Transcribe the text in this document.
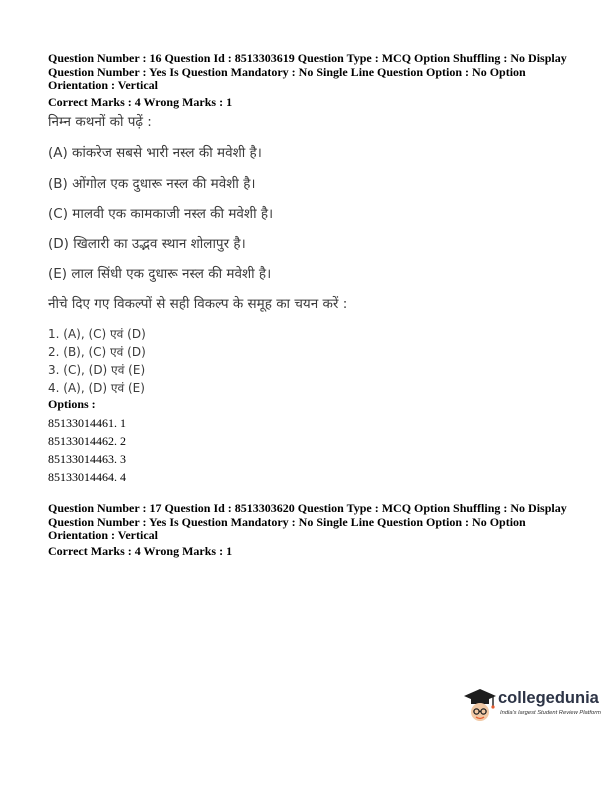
Question Number : 16 Question Id : 8513303619 Question Type : MCQ Option Shuffling : No Display Question Number : Yes Is Question Mandatory : No Single Line Question Option : No Option Orientation : Vertical
Correct Marks : 4 Wrong Marks : 1
निम्न कथनों को पढ़ें :
(A) कांकरेज सबसे भारी नस्ल की मवेशी है।
(B) ओंगोल एक दुधारू नस्ल की मवेशी है।
(C) मालवी एक कामकाजी नस्ल की मवेशी है।
(D) खिलारी का उद्भव स्थान शोलापुर है।
(E) लाल सिंधी एक दुधारू नस्ल की मवेशी है।
नीचे दिए गए विकल्पों से सही विकल्प के समूह का चयन करें :
1. (A), (C) एवं (D)
2. (B), (C) एवं (D)
3. (C), (D) एवं (E)
4. (A), (D) एवं (E)
Options :
85133014461. 1
85133014462. 2
85133014463. 3
85133014464. 4
Question Number : 17 Question Id : 8513303620 Question Type : MCQ Option Shuffling : No Display Question Number : Yes Is Question Mandatory : No Single Line Question Option : No Option Orientation : Vertical
Correct Marks : 4 Wrong Marks : 1
collegedunia
India's largest Student Review Platform
